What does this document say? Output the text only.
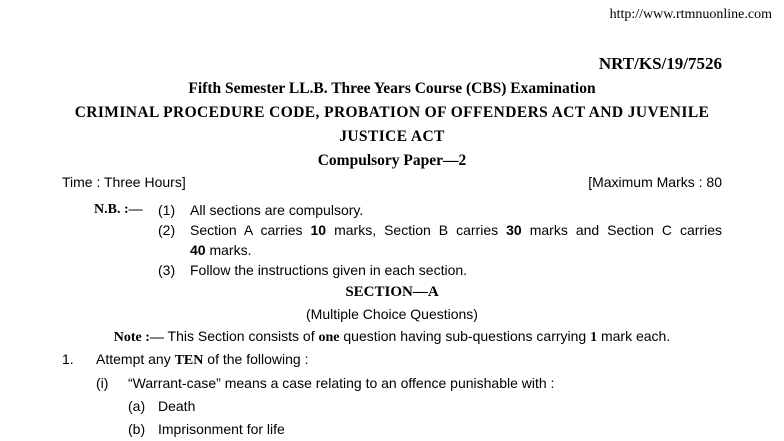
http://www.rtmnuonline.com
NRT/KS/19/7526
Fifth Semester LL.B. Three Years Course (CBS) Examination
CRIMINAL PROCEDURE CODE, PROBATION OF OFFENDERS ACT AND JUVENILE
JUSTICE ACT
Compulsory Paper—2
Time : Three Hours]	[Maximum Marks : 80
N.B. :— (1) All sections are compulsory.
(2) Section A carries 10 marks, Section B carries 30 marks and Section C carries
40 marks.
(3) Follow the instructions given in each section.
SECTION—A
(Multiple Choice Questions)
Note :— This Section consists of one question having sub-questions carrying 1 mark each.
1. Attempt any TEN of the following :
(i) “Warrant-case” means a case relating to an offence punishable with :
(a) Death
(b) Imprisonment for life
